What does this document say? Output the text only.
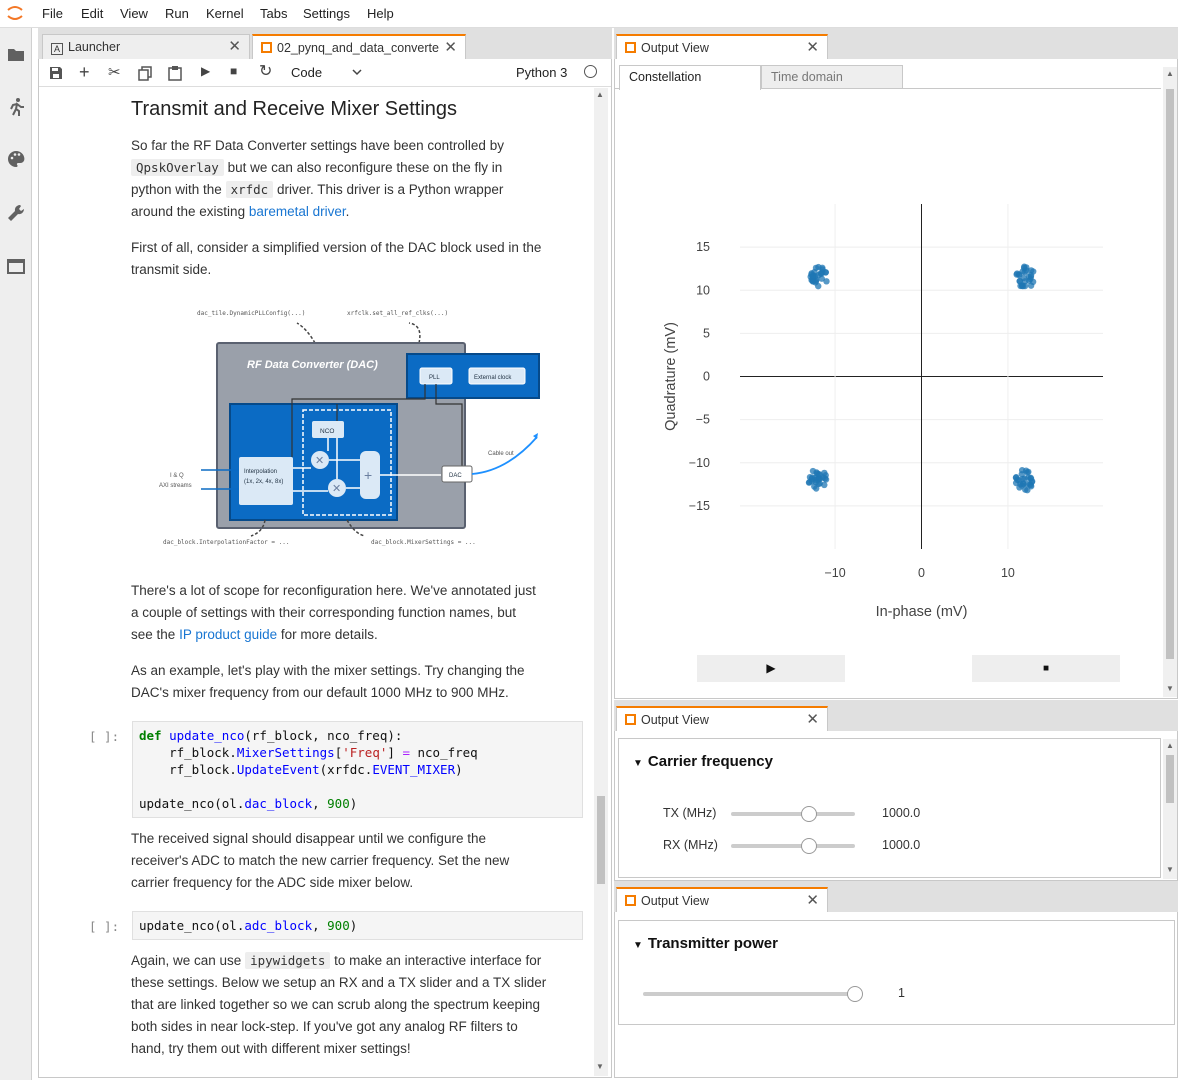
File Edit View Run Kernel Tabs Settings Help
A Launcher	✕	02_pynq_and_data_converte ✕
+ ✂	▶ ■ ↻ Code	Python 3
▲
▼
Transmit and Receive Mixer Settings
So far the RF Data Converter settings have been controlled by
QpskOverlay but we can also reconfigure these on the fly in
python with the xrfdc driver. This driver is a Python wrapper
around the existing baremetal driver.
First of all, consider a simplified version of the DAC block used in the
transmit side.
dac_tile.DynamicPLLConfig(...)	xrfclk.set_all_ref_clks(...)
RF Data Converter (DAC)
PLL	External clock
NCO
Interpolation
(1x, 2x, 4x, 8x)
✕
✕
+	DAC
Cable out
I & Q
AXI streams
dac_block.InterpolationFactor = ...	dac_block.MixerSettings = ...
There's a lot of scope for reconfiguration here. We've annotated just
a couple of settings with their corresponding function names, but
see the IP product guide for more details.
As an example, let's play with the mixer settings. Try changing the
DAC's mixer frequency from our default 1000 MHz to 900 MHz.
[ ]:	def update_nco(rf_block, nco_freq):
rf_block.MixerSettings['Freq'] = nco_freq
rf_block.UpdateEvent(xrfdc.EVENT_MIXER)

update_nco(ol.dac_block, 900)
The received signal should disappear until we configure the
receiver's ADC to match the new carrier frequency. Set the new
carrier frequency for the ADC side mixer below.
[ ]:	update_nco(ol.adc_block, 900)
Again, we can use ipywidgets to make an interactive interface for
these settings. Below we setup an RX and a TX slider and a TX slider
that are linked together so we can scrub along the spectrum keeping
both sides in near lock-step. If you've got any analog RF filters to
hand, try them out with different mixer settings!
Output View	✕
Constellation	Time domain
15
10
5
0
−5
−10
−15
−10	0	10
In-phase (mV)
Quadrature (mV)
▶	■
▲
▼
Output View	✕
▼ Carrier frequency
TX (MHz)	1000.0
RX (MHz)	1000.0
▲
▼
Output View	✕
▼ Transmitter power
1
